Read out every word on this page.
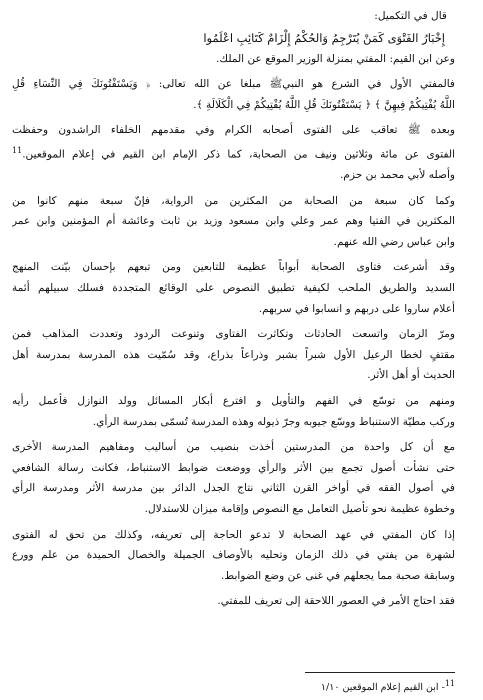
قال في التكميل:
إِخْبَارُ الفَتْوَى كَمَنْ يُتَرْجِمُ وَالحُكْمُ إِلْزَامٌ كَتَائِبِ اعْلَمُوا
وعن ابن القيم: المفتي بمنزلة الوزير الموقع عن الملك.
فالمفتي الأول في الشرع هو النبيﷺ مبلغا عن الله تعالى: ﴿ وَيَسْتَفْتُونَكَ فِي النِّسَاءِ قُلِ
اللَّهُ يُفْتِيكُمْ فِيهِنَّ ﴾ ﴿ يَسْتَفْتُونَكَ قُلِ اللَّهُ يُفْتِيكُمْ فِي الْكَلَالَةِ ﴾.
وبعده ﷺ تعاقب على الفتوى أصحابه الكرام وفي مقدمهم الخلفاء الراشدون وحفظت
الفتوى عن مائة وثلاثين ونيف من الصحابة، كما ذكر الإمام ابن القيم في إعلام الموقعين.$^{11}$
وأصله لأبي محمد بن حزم.
وكما كان سبعة من الصحابة من المكثرين من الرواية، فإنّ سبعة منهم كانوا من
المكثرين في الفتيا وهم عمر وعلي وابن مسعود وزيد بن ثابت وعائشة أم المؤمنين وابن عمر
وابن عباس رضي الله عنهم.
وقد أشرعت فتاوى الصحابة أبواباً عظيمة للتابعين ومن تبعهم بإحسان بيّنت المنهج
السديد والطريق الملحب لكيفية تطبيق النصوص على الوقائع المتجددة فسلك سبيلهم أئمة
أعلام ساروا على دربهم و انسابوا في سربهم.
ومرّ الزمان واتسعت الحادثات وتكاثرت الفتاوى وتنوعت الردود وتعددت المذاهب فمن
مقتفٍ لخطا الرعيل الأول شبراً بشبر وذراعاً بذراع، وقد سُمّيت هذه المدرسة بمدرسة أهل
الحديث أو أهل الأثر.
ومنهم من توسّع في الفهم والتأويل و افترع أبكار المسائل وولد النوازل فأعمل رأيه
وركب مطيّة الاستنباط ووسّع جيوبه وجرّ ذيوله وهذه المدرسة تُسمّى بمدرسة الرأي.
مع أن كل واحدة من المدرستين أخذت بنصيب من أساليب ومفاهيم المدرسة الأخرى
حتى نشأت أصول تجمع بين الأثر والرأي ووضعت ضوابط الاستنباط، فكانت رسالة الشافعي
في أصول الفقه في أواخر القرن الثاني نتاج الجدل الدائر بين مدرسة الأثر ومدرسة الرأي
وخطوة عظيمة نحو تأصيل التعامل مع النصوص وإقامة ميزان للاستدلال.
إذا كان المفتي في عهد الصحابة لا تدعو الحاجة إلى تعريفه، وكذلك من تحق له الفتوى
لشهرة من يفتي في ذلك الزمان وتحليه بالأوصاف الجميلة والخصال الحميدة من علم وورع
وسابقة صحبة مما يجعلهم في غنى عن وضع الضوابط.
فقد احتاج الأمر في العصور اللاحقة إلى تعريف للمفتي.
$^{11}$- ابن القيم إعلام الموقعين ١/١٠
